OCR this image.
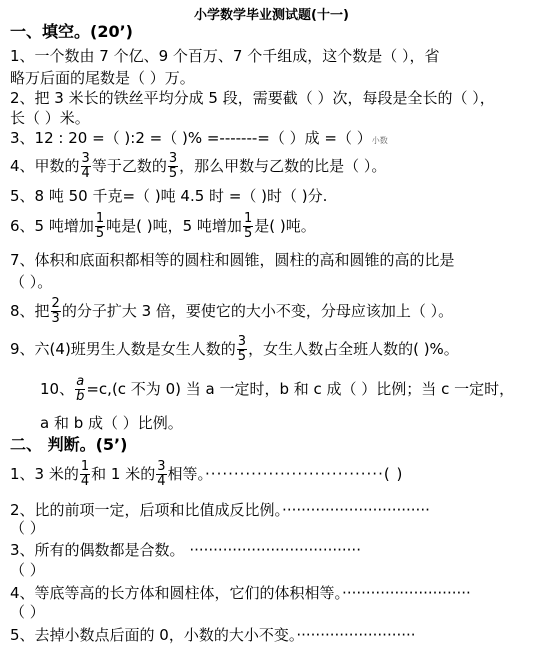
小学数学毕业测试题(十一)
一、填空。(20’)
1、一个数由 7 个亿、9 个百万、7 个千组成，这个数是（ ），省
略万后面的尾数是（ ）万。
2、把 3 米长的铁丝平均分成 5 段，需要截（ ）次，每段是全长的（ ），
长（ ）米。
3、12 : 20 =（ ):2 =（ )% =-------=（ ）成 =（ ）小数
4、甲数的 $\frac{3}{4}$ 等于乙数的 $\frac{3}{5}$ ，那么甲数与乙数的比是（ ）。
5、8 吨 50 千克=（ )吨 4.5 时 =（ )时（ )分.
6、5 吨增加 $\frac{1}{5}$ 吨是( )吨，5 吨增加 $\frac{1}{5}$ 是( )吨。
7、体积和底面积都相等的圆柱和圆锥，圆柱的高和圆锥的高的比是
（ ）。
8、把 $\frac{2}{3}$ 的分子扩大 3 倍，要使它的大小不变，分母应该加上（ ）。
9、六(4)班男生人数是女生人数的 $\frac{3}{5}$ ，女生人数占全班人数的( )%。
10、 $\frac{a}{b} =c,(c$ 不为 0) 当 a 一定时，b 和 c 成（ ）比例；当 c 一定时，
a 和 b 成（ ）比例。
二、 判断。(5’)
1、3 米的 $\frac{1}{4}$ 和 1 米的 $\frac{3}{4}$ 相等。·······························( )
2、比的前项一定，后项和比值成反比例。·······························
（ ）
3、所有的偶数都是合数。 ····································
（ ）
4、等底等高的长方体和圆柱体，它们的体积相等。···························
（ ）
5、去掉小数点后面的 0，小数的大小不变。·························
